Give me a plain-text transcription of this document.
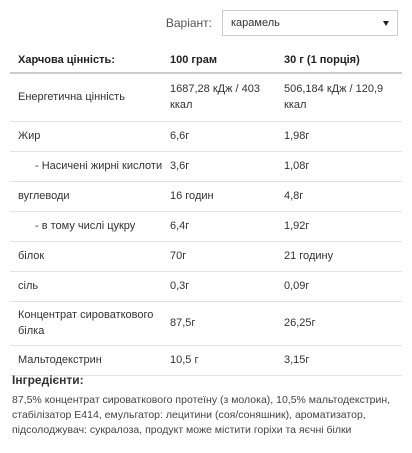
Варіант: карамель
Харчова цінність:	100 грам	30 г (1 порція)
Енергетична цінність	1687,28 кДж / 403 ккал	506,184 кДж / 120,9 ккал
Жир	6,6г	1,98г
- Насичені жирні кислоти	3,6г	1,08г
вуглеводи	16 годин	4,8г
- в тому числі цукру	6,4г	1,92г
білок	70г	21 годину
сіль	0,3г	0,09г
Концентрат сироваткового білка	87,5г	26,25г
Мальтодекстрин	10,5 г	3,15г
Інгредієнти:
87,5% концентрат сироваткового протеїну (з молока), 10,5% мальтодекстрин, стабілізатор E414, емульгатор: лецитини (соя/соняшник), ароматизатор, підсолоджувач: сукралоза, продукт може містити горіхи та яєчні білки
